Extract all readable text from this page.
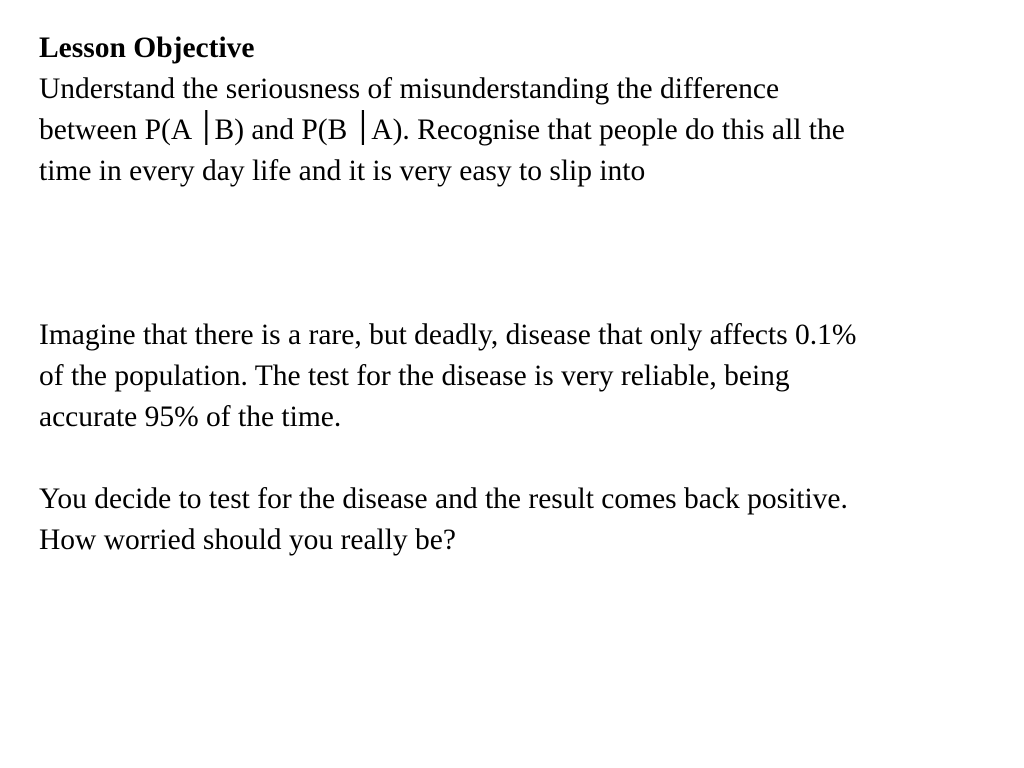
Lesson Objective
Understand the seriousness of misunderstanding the difference
between P(A ׀B) and P(B ׀A). Recognise that people do this all the
time in every day life and it is very easy to slip into
Imagine that there is a rare, but deadly, disease that only affects 0.1%
of the population. The test for the disease is very reliable, being
accurate 95% of the time.
You decide to test for the disease and the result comes back positive.
How worried should you really be?
